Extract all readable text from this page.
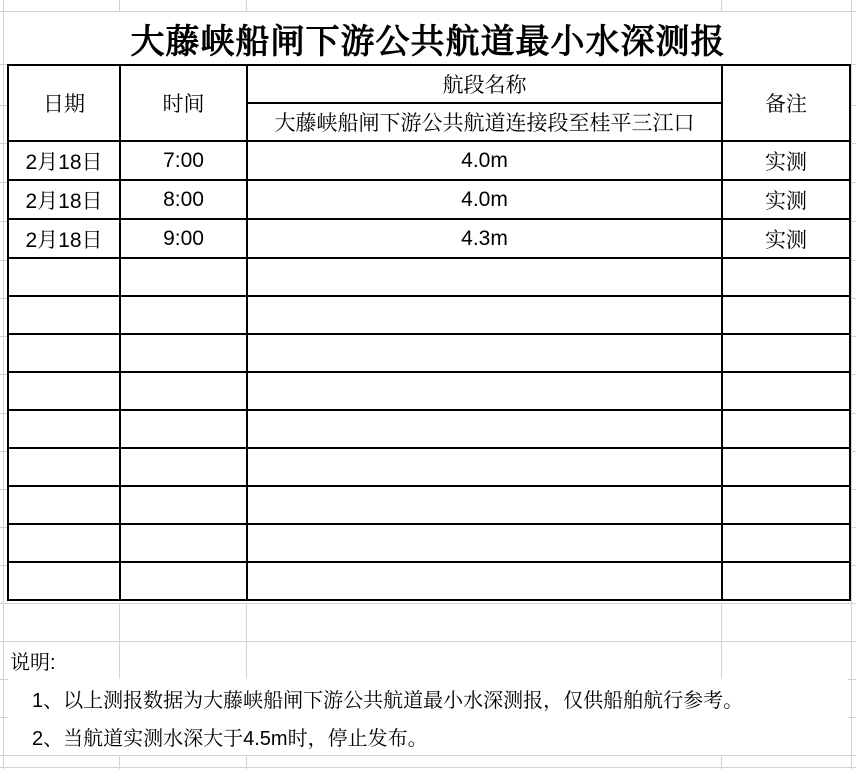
大藤峡船闸下游公共航道最小水深测报
日期	时间	航段名称	备注
		大藤峡船闸下游公共航道连接段至桂平三江口	
2月18日	7:00	4.0m	实测
2月18日	8:00	4.0m	实测
2月18日	9:00	4.3m	实测

说明:
1、以上测报数据为大藤峡船闸下游公共航道最小水深测报，仅供船舶航行参考。
2、当航道实测水深大于4.5m时，停止发布。
